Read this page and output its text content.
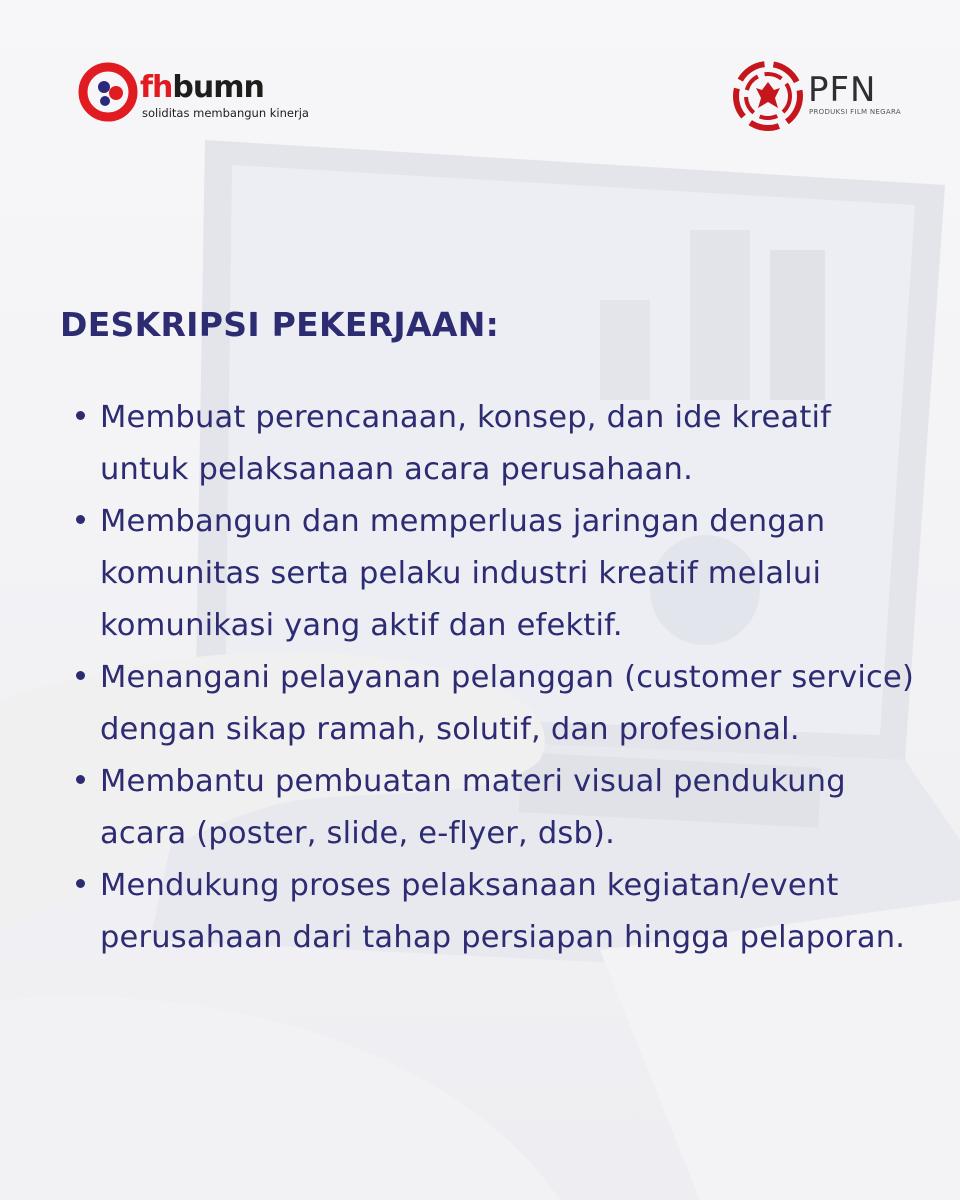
fhbumn
soliditas membangun kinerja
PFN
PRODUKSI FILM NEGARA
DESKRIPSI PEKERJAAN:
Membuat perencanaan, konsep, dan ide kreatif untuk pelaksanaan acara perusahaan.
Membangun dan memperluas jaringan dengan komunitas serta pelaku industri kreatif melalui komunikasi yang aktif dan efektif.
Menangani pelayanan pelanggan (customer service) dengan sikap ramah, solutif, dan profesional.
Membantu pembuatan materi visual pendukung acara (poster, slide, e-flyer, dsb).
Mendukung proses pelaksanaan kegiatan/event perusahaan dari tahap persiapan hingga pelaporan.
